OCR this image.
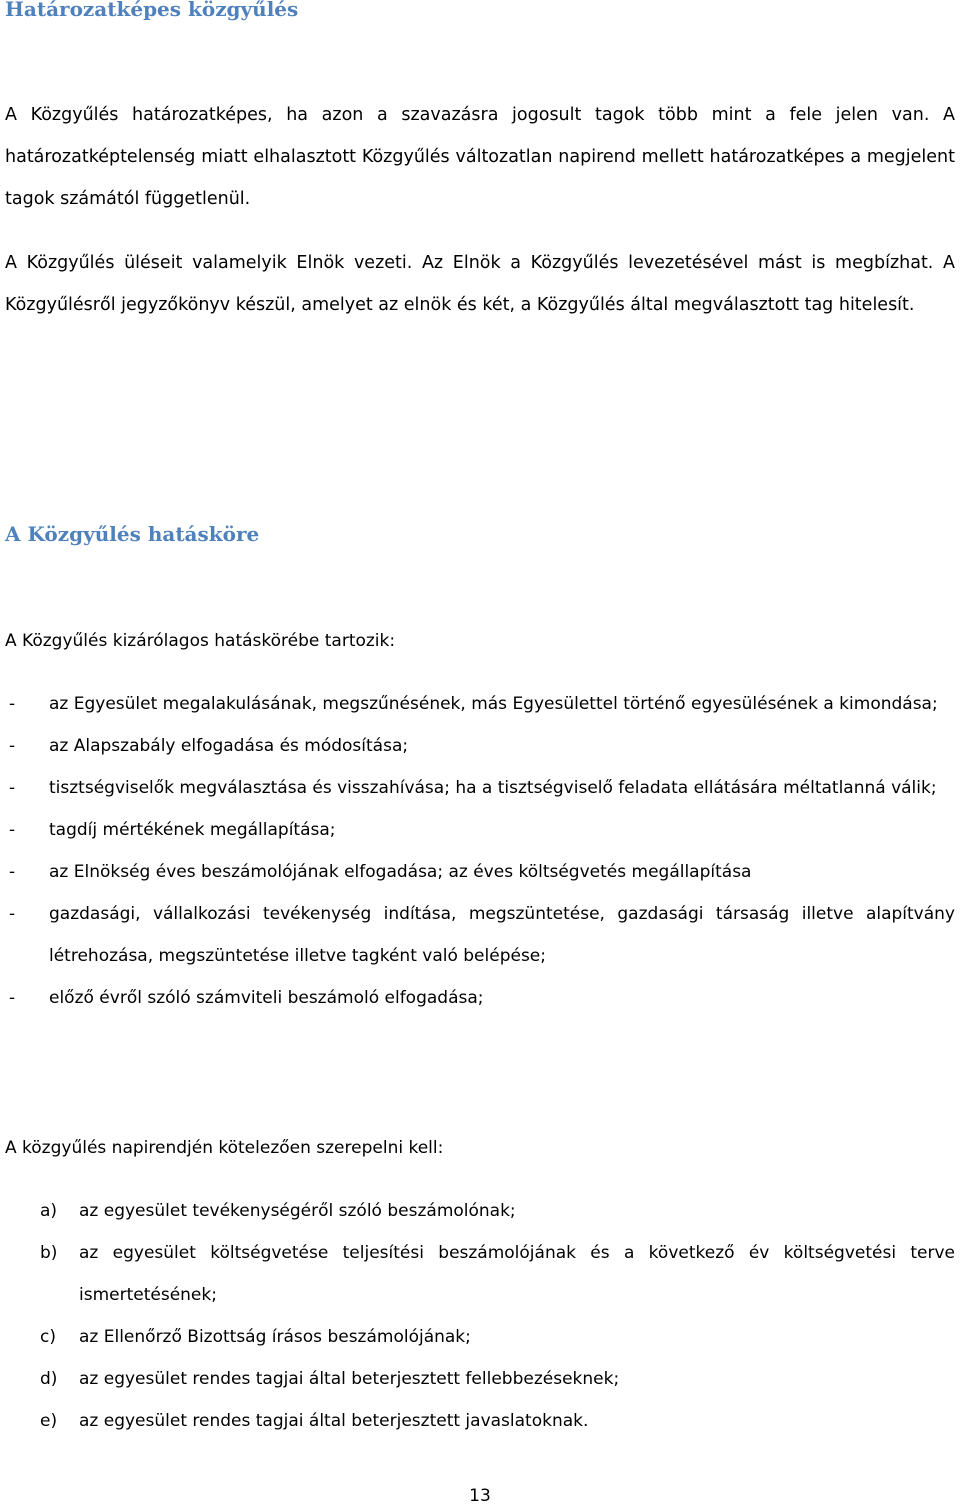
Határozatképes közgyűlés

A Közgyűlés határozatképes, ha azon a szavazásra jogosult tagok több mint a fele jelen van. A határozatképtelenség miatt elhalasztott Közgyűlés változatlan napirend mellett határozatképes a megjelent tagok számától függetlenül.

A Közgyűlés üléseit valamelyik Elnök vezeti. Az Elnök a Közgyűlés levezetésével mást is megbízhat. A Közgyűlésről jegyzőkönyv készül, amelyet az elnök és két, a Közgyűlés által megválasztott tag hitelesít.

A Közgyűlés hatásköre

A Közgyűlés kizárólagos hatáskörébe tartozik:

- az Egyesület megalakulásának, megszűnésének, más Egyesülettel történő egyesülésének a kimondása;
- az Alapszabály elfogadása és módosítása;
- tisztségviselők megválasztása és visszahívása; ha a tisztségviselő feladata ellátására méltatlanná válik;
- tagdíj mértékének megállapítása;
- az Elnökség éves beszámolójának elfogadása; az éves költségvetés megállapítása
- gazdasági, vállalkozási tevékenység indítása, megszüntetése, gazdasági társaság illetve alapítvány létrehozása, megszüntetése illetve tagként való belépése;
- előző évről szóló számviteli beszámoló elfogadása;

A közgyűlés napirendjén kötelezően szerepelni kell:

a) az egyesület tevékenységéről szóló beszámolónak;
b) az egyesület költségvetése teljesítési beszámolójának és a következő év költségvetési terve ismertetésének;
c) az Ellenőrző Bizottság írásos beszámolójának;
d) az egyesület rendes tagjai által beterjesztett fellebbezéseknek;
e) az egyesület rendes tagjai által beterjesztett javaslatoknak.
13
